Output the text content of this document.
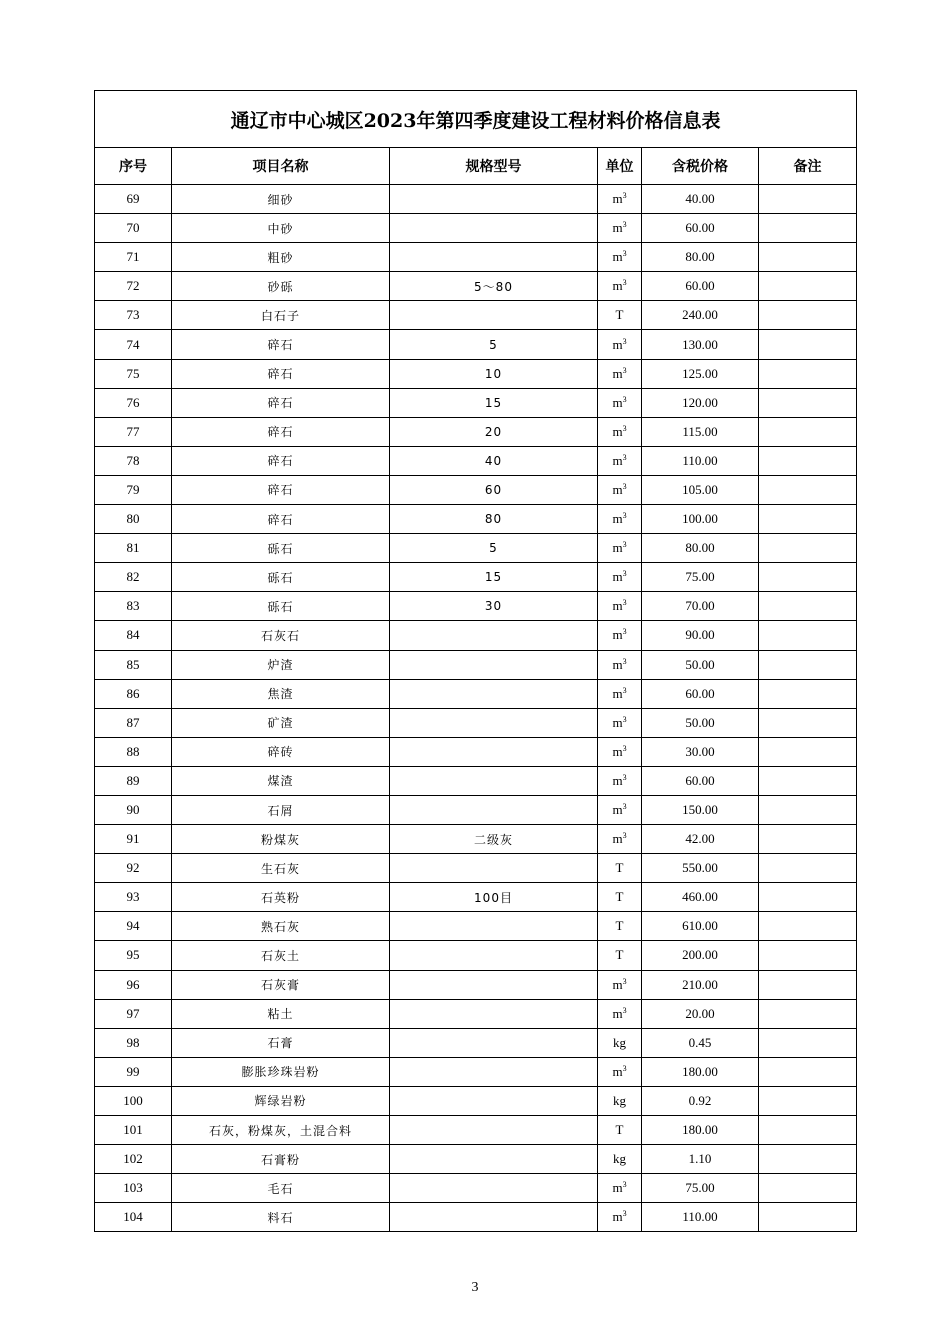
通辽市中心城区2023年第四季度建设工程材料价格信息表					
序号	项目名称	规格型号	单位	含税价格	备注
69	细砂		$m^3$	40.00	
70	中砂		$m^3$	60.00	
71	粗砂		$m^3$	80.00	
72	砂砾	5～80	$m^3$	60.00	
73	白石子		T	240.00	
74	碎石	5	$m^3$	130.00	
75	碎石	10	$m^3$	125.00	
76	碎石	15	$m^3$	120.00	
77	碎石	20	$m^3$	115.00	
78	碎石	40	$m^3$	110.00	
79	碎石	60	$m^3$	105.00	
80	碎石	80	$m^3$	100.00	
81	砾石	5	$m^3$	80.00	
82	砾石	15	$m^3$	75.00	
83	砾石	30	$m^3$	70.00	
84	石灰石		$m^3$	90.00	
85	炉渣		$m^3$	50.00	
86	焦渣		$m^3$	60.00	
87	矿渣		$m^3$	50.00	
88	碎砖		$m^3$	30.00	
89	煤渣		$m^3$	60.00	
90	石屑		$m^3$	150.00	
91	粉煤灰	二级灰	$m^3$	42.00	
92	生石灰		T	550.00	
93	石英粉	100目	T	460.00	
94	熟石灰		T	610.00	
95	石灰土		T	200.00	
96	石灰膏		$m^3$	210.00	
97	粘土		$m^3$	20.00	
98	石膏		kg	0.45	
99	膨胀珍珠岩粉		$m^3$	180.00	
100	辉绿岩粉		kg	0.92	
101	石灰，粉煤灰，土混合料		T	180.00	
102	石膏粉		kg	1.10	
103	毛石		$m^3$	75.00	
104	料石		$m^3$	110.00	
3
